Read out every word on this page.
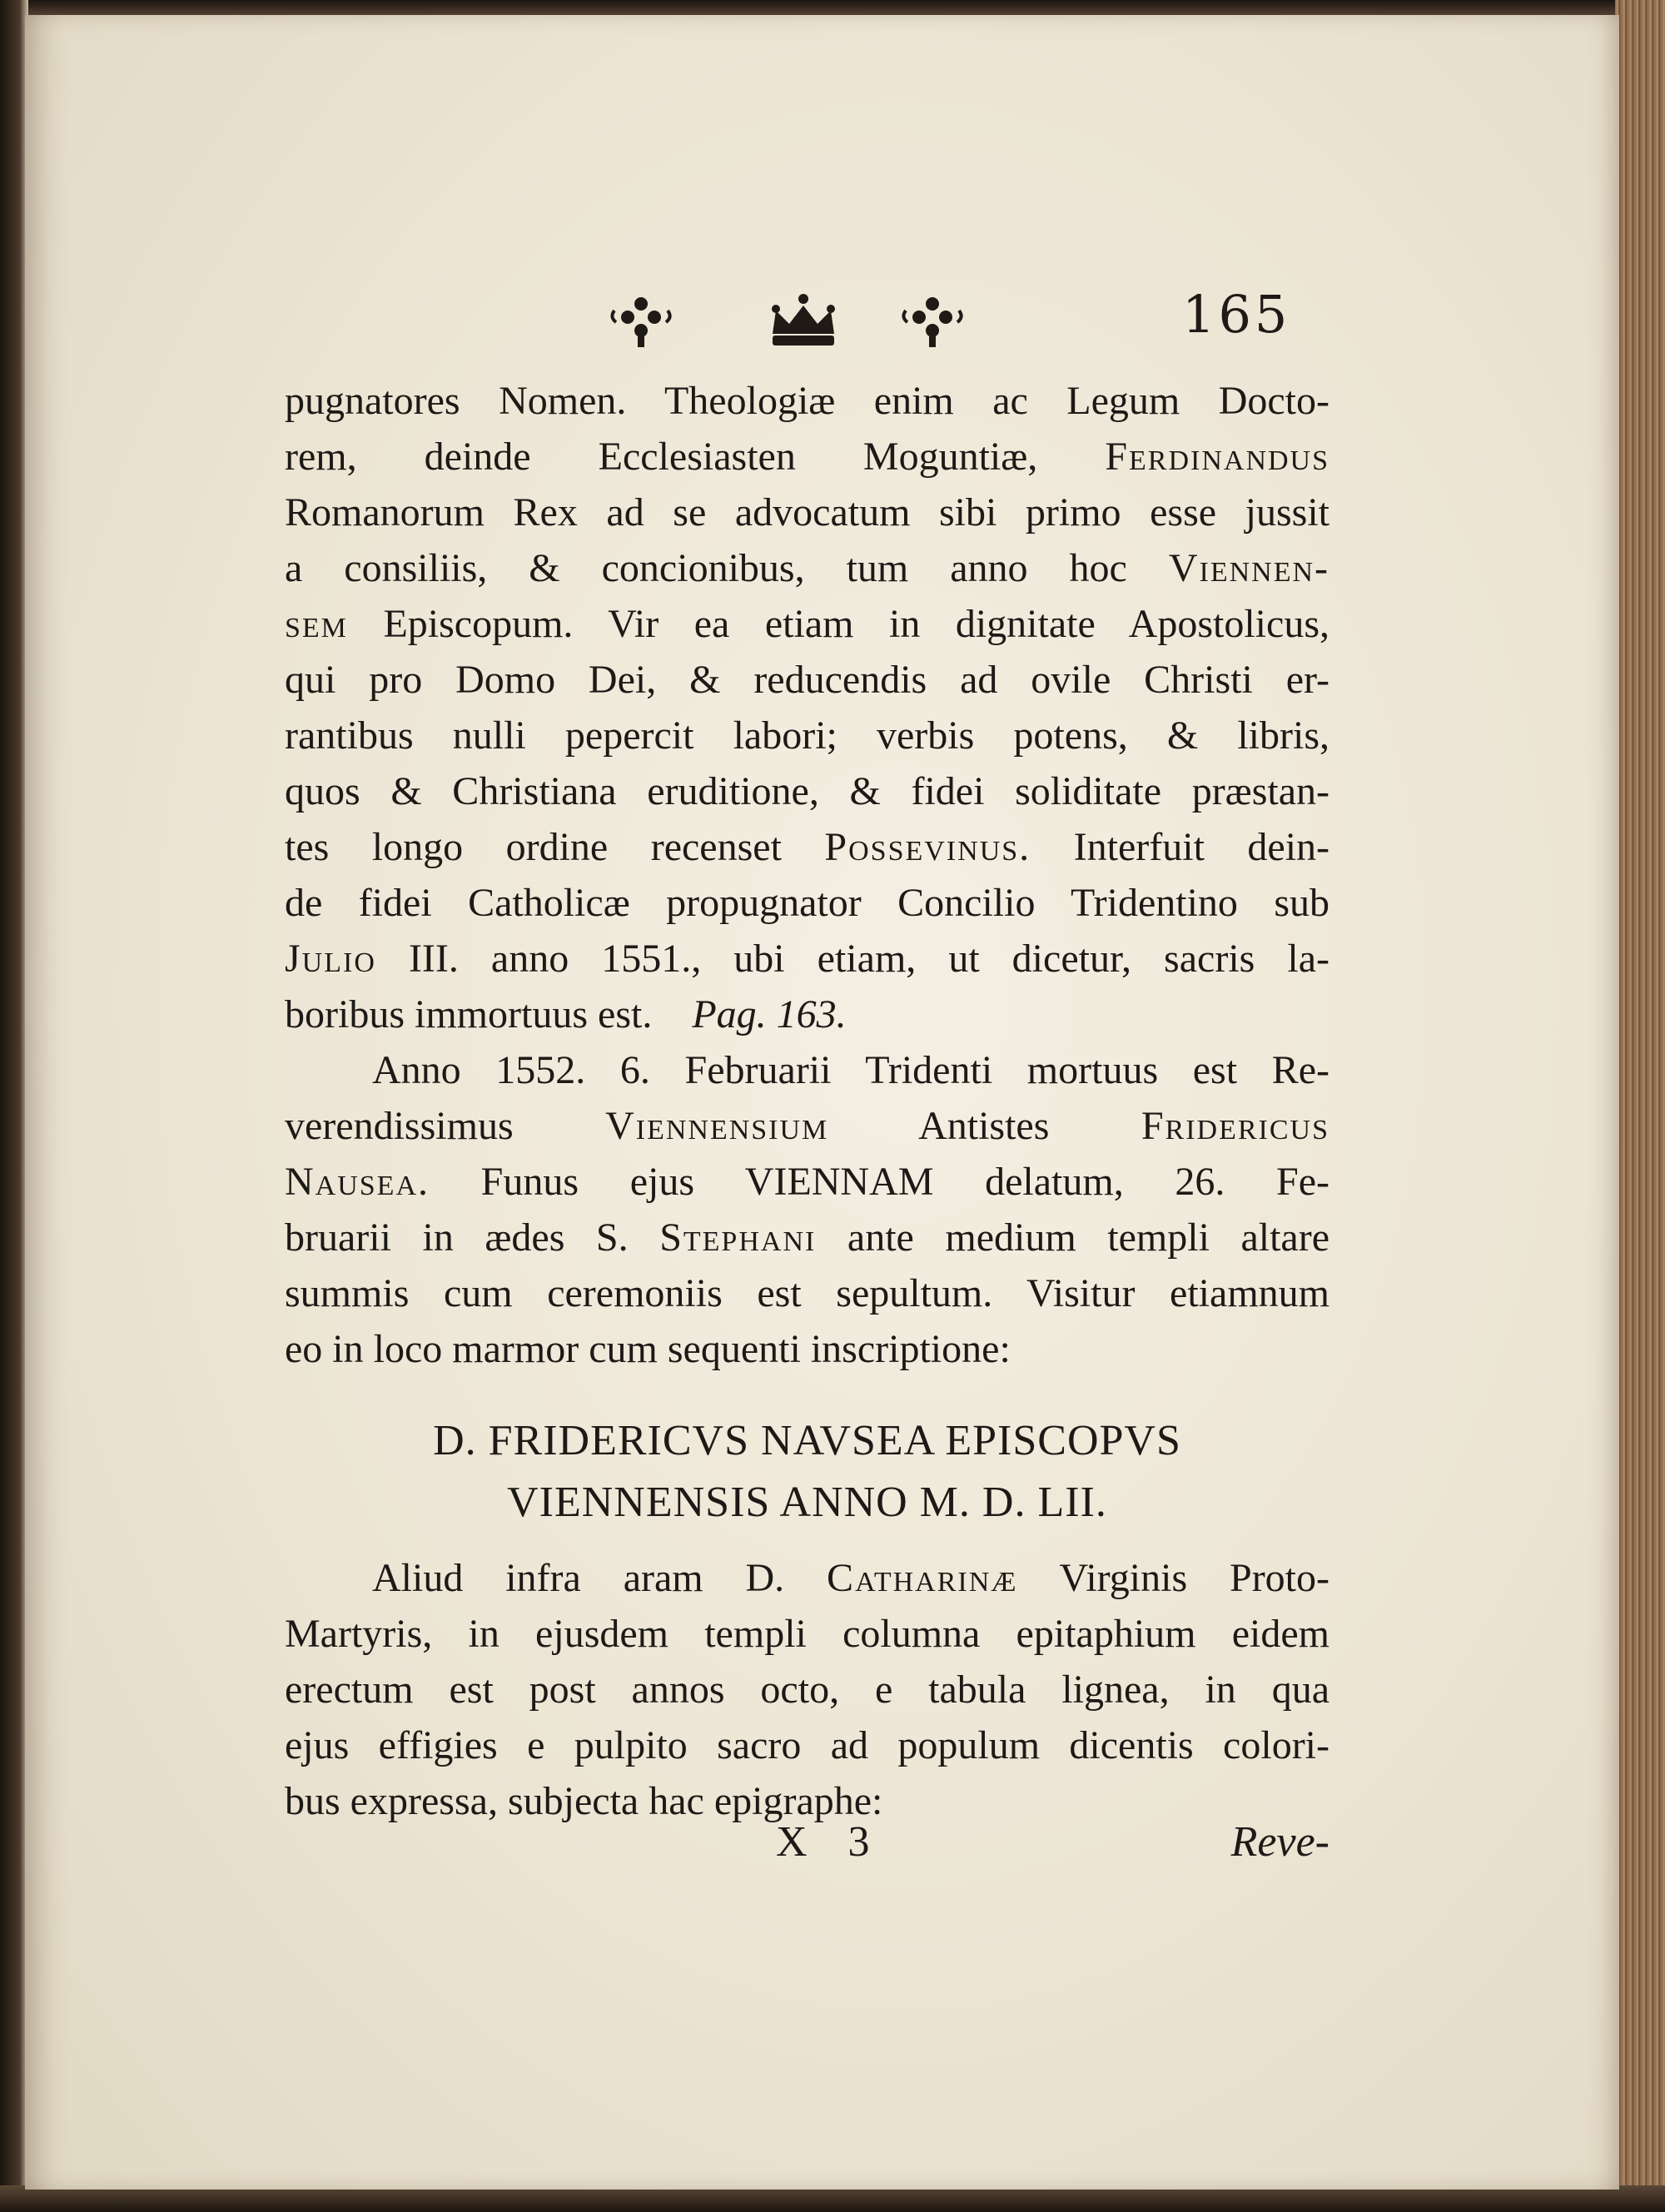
165
pugnatores Nomen. Theologiæ enim ac Legum Docto-
rem, deinde Ecclesiasten Moguntiæ, Ferdinandus
Romanorum Rex ad se advocatum sibi primo esse jussit
a consiliis, & concionibus, tum anno hoc Viennen-
sem Episcopum. Vir ea etiam in dignitate Apostolicus,
qui pro Domo Dei, & reducendis ad ovile Christi er-
rantibus nulli pepercit labori; verbis potens, & libris,
quos & Christiana eruditione, & fidei soliditate præstan-
tes longo ordine recenset Possevinus. Interfuit dein-
de fidei Catholicæ propugnator Concilio Tridentino sub
Julio III. anno 1551., ubi etiam, ut dicetur, sacris la-
boribus immortuus est. Pag. 163.
Anno 1552. 6. Februarii Tridenti mortuus est Re-
verendissimus Viennensium Antistes Fridericus
Nausea. Funus ejus VIENNAM delatum, 26. Fe-
bruarii in ædes S. Stephani ante medium templi altare
summis cum ceremoniis est sepultum. Visitur etiamnum
eo in loco marmor cum sequenti inscriptione:
D. FRIDERICVS NAVSEA EPISCOPVS
VIENNENSIS ANNO M. D. LII.
Aliud infra aram D. Catharinæ Virginis Proto-
Martyris, in ejusdem templi columna epitaphium eidem
erectum est post annos octo, e tabula lignea, in qua
ejus effigies e pulpito sacro ad populum dicentis colori-
bus expressa, subjecta hac epigraphe:
X 3	Reve-
